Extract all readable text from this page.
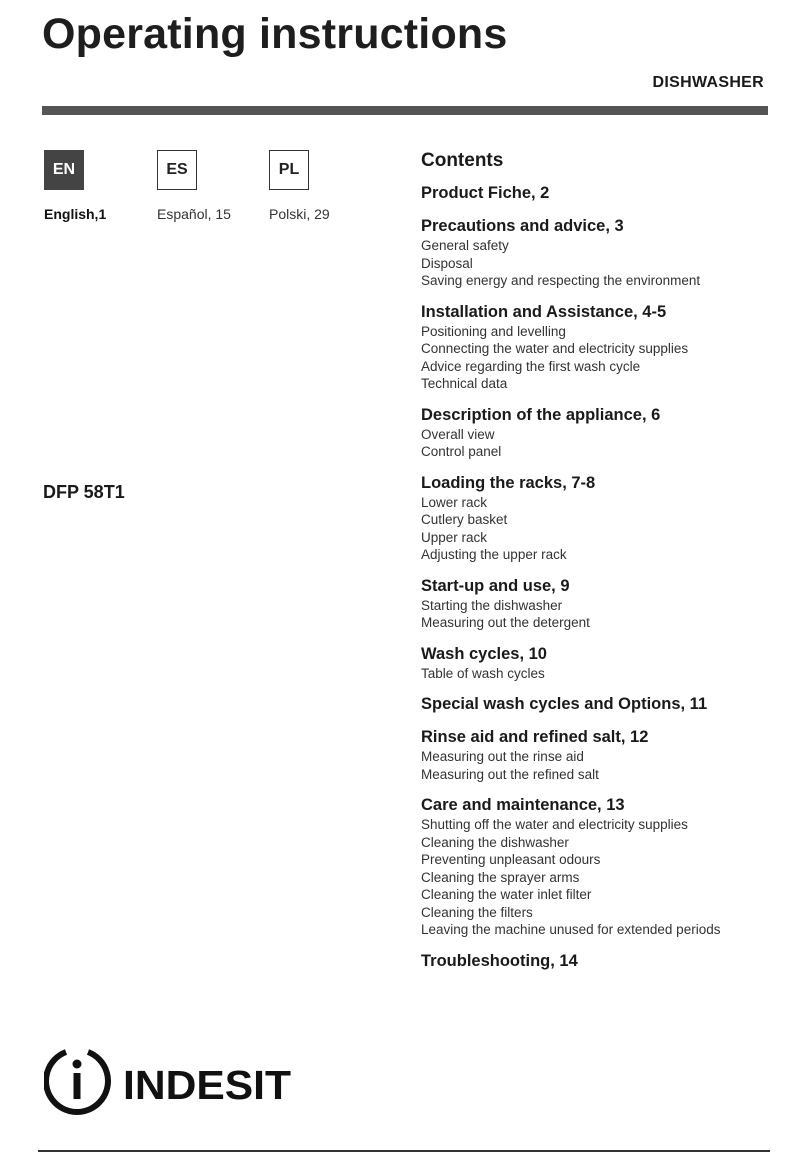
Operating instructions
DISHWASHER
EN
English,1
ES
Español, 15
PL
Polski, 29
DFP 58T1
Contents
Product Fiche, 2
Precautions and advice, 3
General safety
Disposal
Saving energy and respecting the environment
Installation and Assistance, 4-5
Positioning and levelling
Connecting the water and electricity supplies
Advice regarding the first wash cycle
Technical data
Description of the appliance, 6
Overall view
Control panel
Loading the racks, 7-8
Lower rack
Cutlery basket
Upper rack
Adjusting the upper rack
Start-up and use, 9
Starting the dishwasher
Measuring out the detergent
Wash cycles, 10
Table of wash cycles
Special wash cycles and Options, 11
Rinse aid and refined salt, 12
Measuring out the rinse aid
Measuring out the refined salt
Care and maintenance, 13
Shutting off the water and electricity supplies
Cleaning the dishwasher
Preventing unpleasant odours
Cleaning the sprayer arms
Cleaning the water inlet filter
Cleaning the filters
Leaving the machine unused for extended periods
Troubleshooting, 14
INDESIT
